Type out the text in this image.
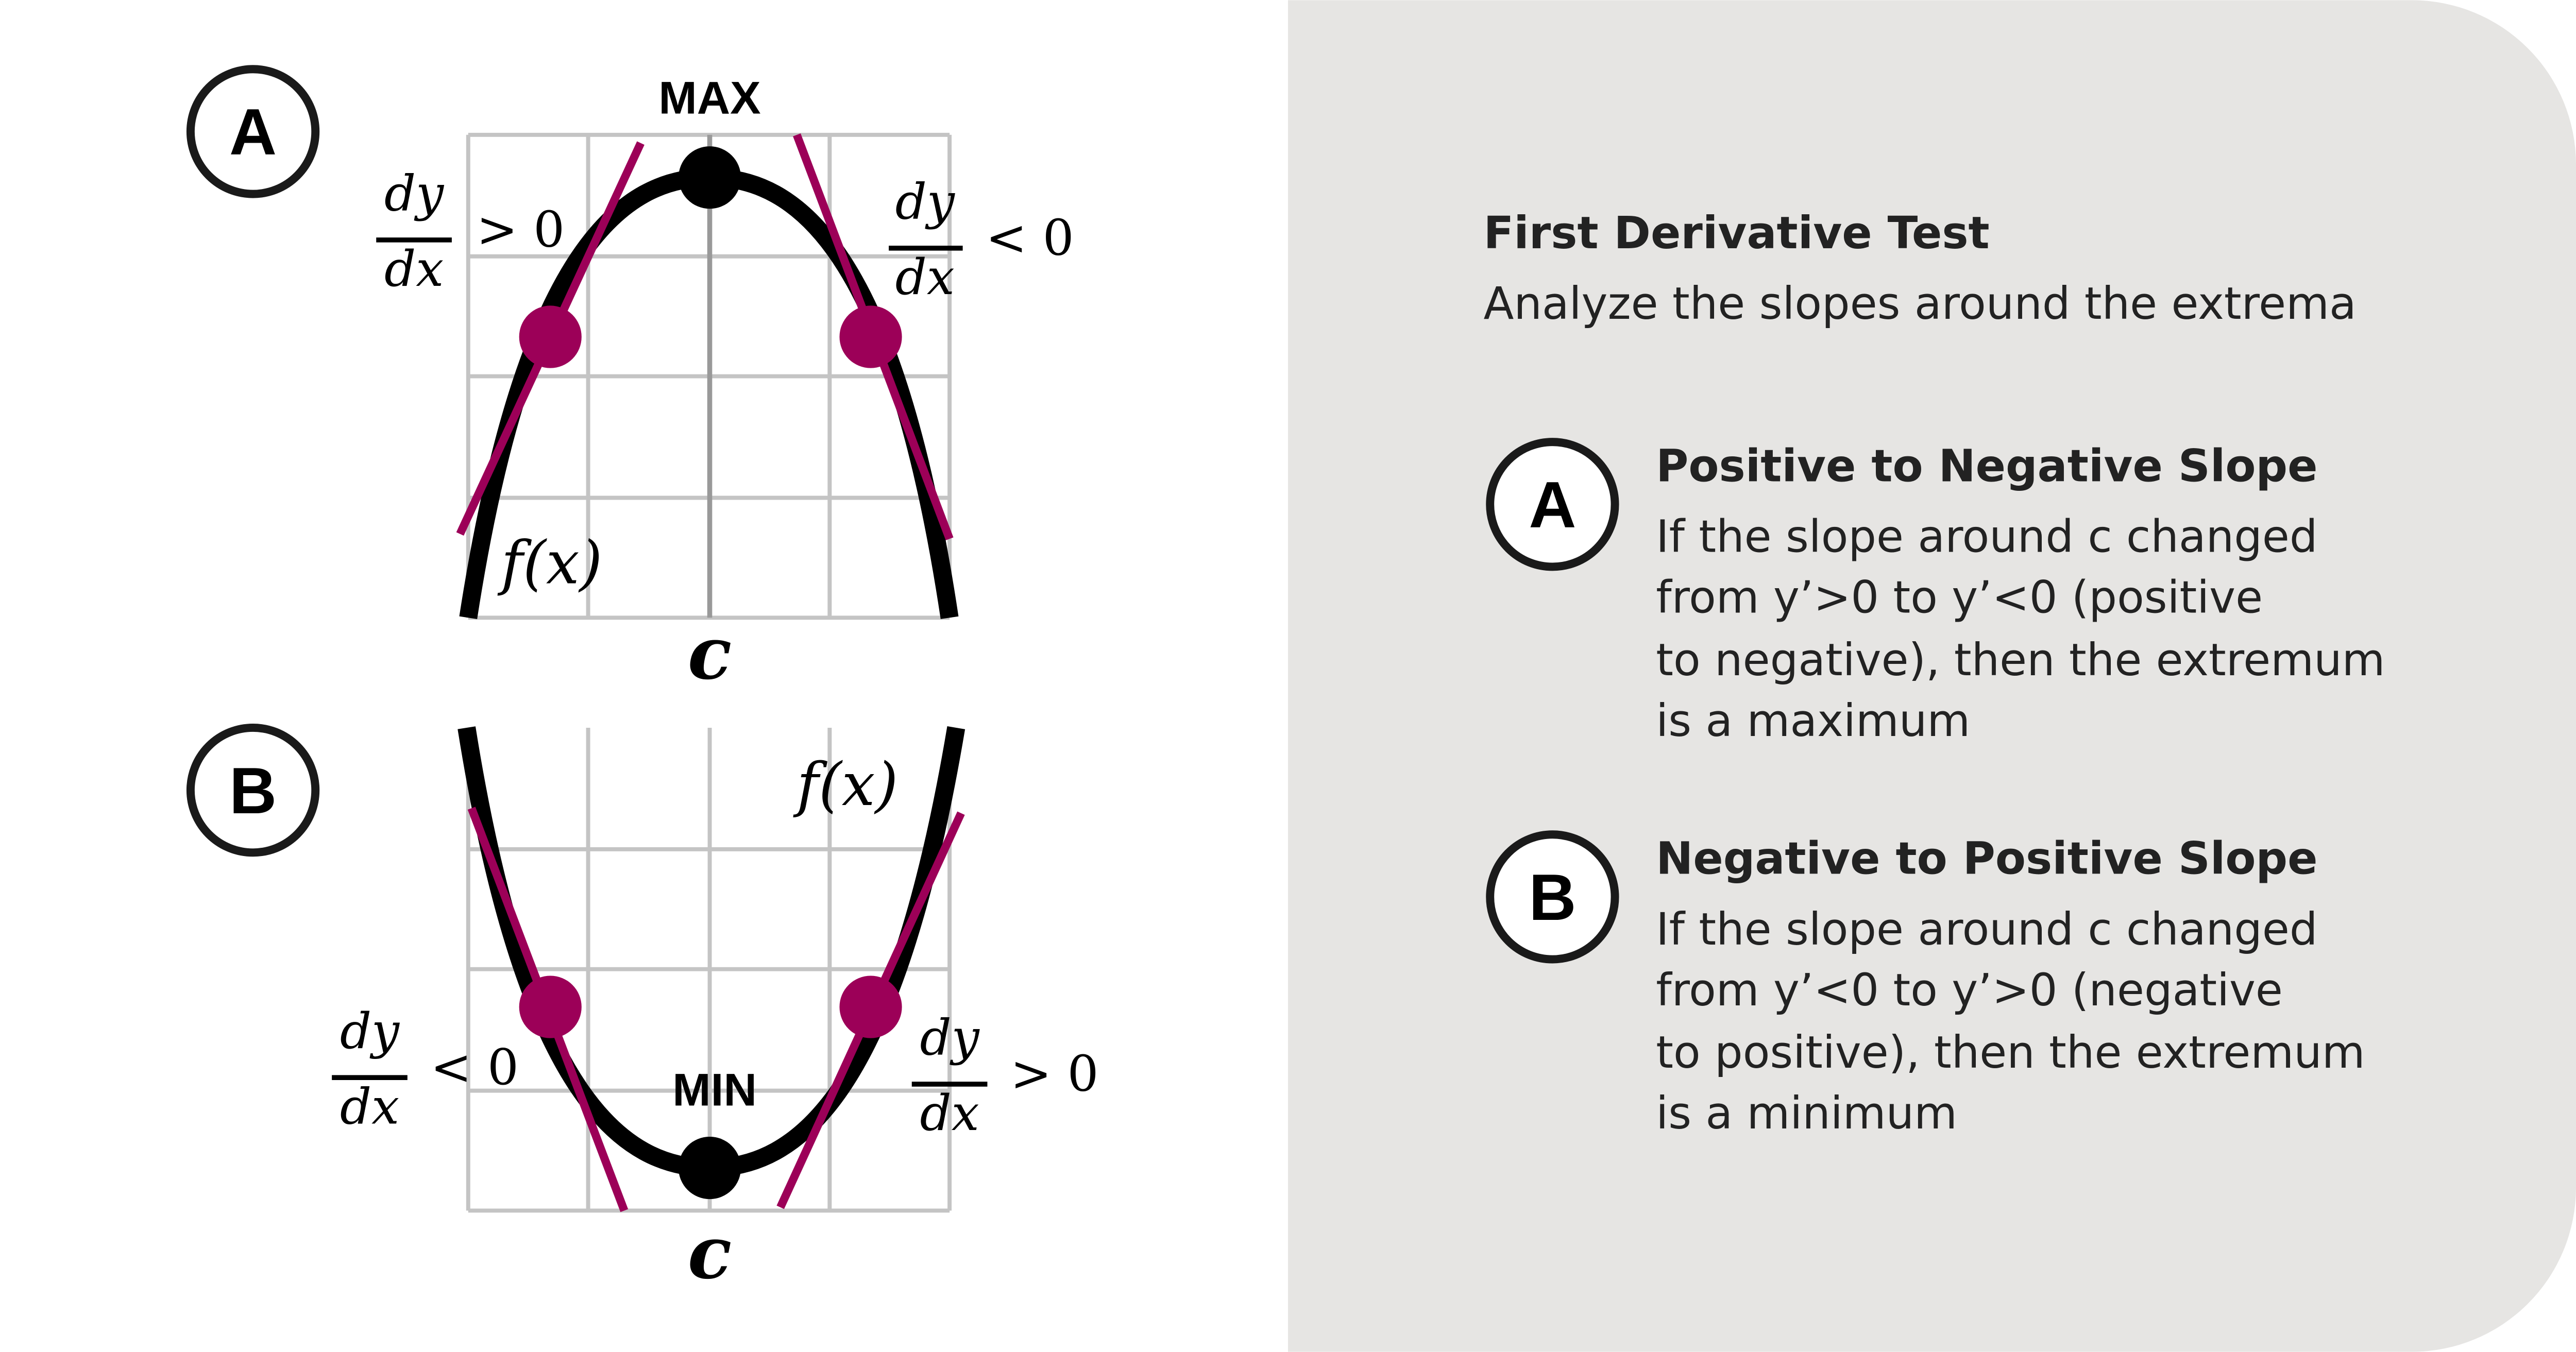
A	MAX
dy
dx
> 0	dy
dx
< 0
f(x)
c
B
MIN
dy
dx
< 0
dy
dx
> 0
f(x)
c
First Derivative Test
Analyze the slopes around the extrema
A
Positive to Negative Slope
If the slope around c changed
from y’>0 to y’<0 (positive
to negative), then the extremum
is a maximum
B
Negative to Positive Slope
If the slope around c changed
from y’<0 to y’>0 (negative
to positive), then the extremum
is a minimum
